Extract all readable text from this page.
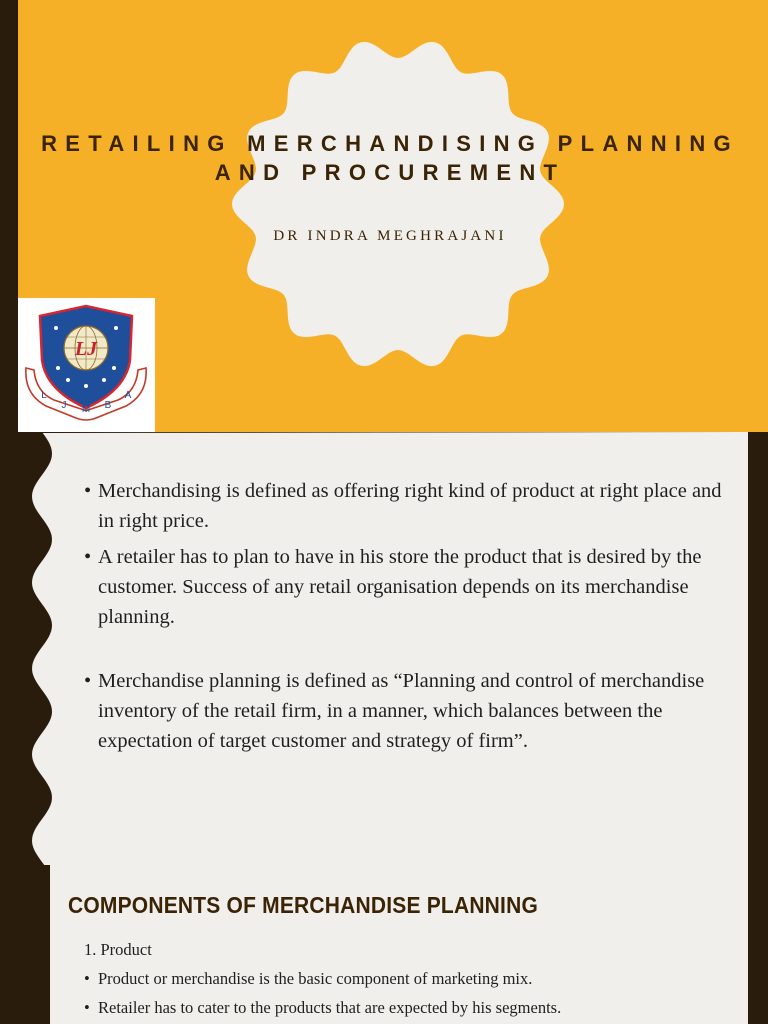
RETAILING MERCHANDISING PLANNING AND PROCUREMENT
DR INDRA MEGHRAJANI
LJ
L
J M B
A
• Merchandising is defined as offering right kind of product at right place and in right price.
• A retailer has to plan to have in his store the product that is desired by the customer. Success of any retail organisation depends on its merchandise planning.
• Merchandise planning is defined as “Planning and control of merchandise inventory of the retail firm, in a manner, which balances between the expectation of target customer and strategy of firm”.
COMPONENTS OF MERCHANDISE PLANNING
1. Product
• Product or merchandise is the basic component of marketing mix.
• Retailer has to cater to the products that are expected by his segments.
